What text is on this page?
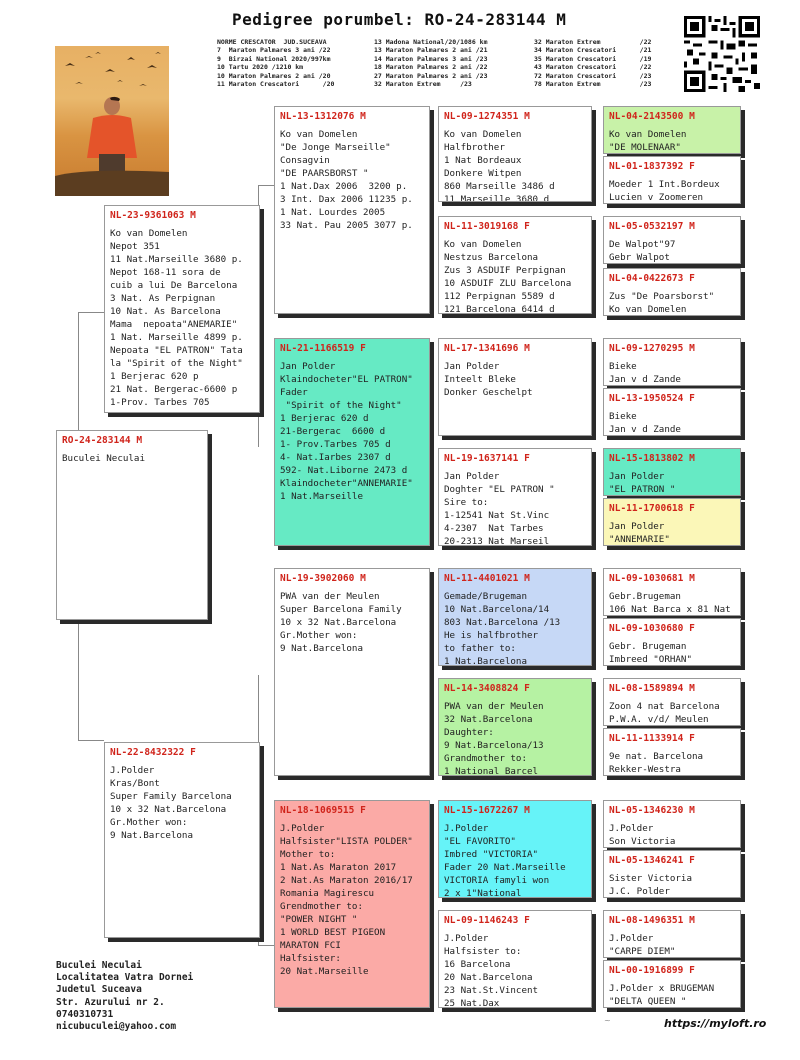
Pedigree porumbel: RO-24-283144 M
NORME CRESCATOR  JUD.SUCEAVA
7  Maraton Palmares 3 ani /22
9  Birzai National 2020/997km
10 Tartu 2020 /1210 km
10 Maraton Palmares 2 ani /20
11 Maraton Crescatori      /20
13 Madona National/20/1086 km
13 Maraton Palmares 2 ani /21
14 Maraton Palmares 3 ani /23
18 Maraton Palmares 2 ani /22
27 Maraton Palmares 2 ani /23
32 Maraton Extrem     /23
32 Maraton Extrem          /22
34 Maraton Crescatori      /21
35 Maraton Crescatori      /19
43 Maraton Crescatori      /22
72 Maraton Crescatori      /23
78 Maraton Extrem          /23
RO-24-283144 M
Buculei Neculai
NL-23-9361063 M
Ko van Domelen
Nepot 351
11 Nat.Marseille 3680 p.
Nepot 168-11 sora de
cuib a lui De Barcelona
3 Nat. As Perpignan
10 Nat. As Barcelona
Mama  nepoata"ANEMARIE"
1 Nat. Marseille 4899 p.
Nepoata "EL PATRON" Tata
la "Spirit of the Night"
1 Berjerac 620 p
21 Nat. Bergerac-6600 p
1-Prov. Tarbes 705
NL-22-8432322 F
J.Polder
Kras/Bont
Super Family Barcelona
10 x 32 Nat.Barcelona
Gr.Mother won:
9 Nat.Barcelona
NL-13-1312076 M
Ko van Domelen
"De Jonge Marseille"
Consagvin
"DE PAARSBORST "
1 Nat.Dax 2006  3200 p.
3 Int. Dax 2006 11235 p.
1 Nat. Lourdes 2005
33 Nat. Pau 2005 3077 p.
NL-21-1166519 F
Jan Polder
Klaindocheter"EL PATRON"
Fader
"Spirit of the Night"
1 Berjerac 620 d
21-Bergerac  6600 d
1- Prov.Tarbes 705 d
4- Nat.Iarbes 2307 d
592- Nat.Liborne 2473 d
Klaindocheter"ANNEMARIE"
1 Nat.Marseille
NL-19-3902060 M
PWA van der Meulen
Super Barcelona Family
10 x 32 Nat.Barcelona
Gr.Mother won:
9 Nat.Barcelona
NL-18-1069515 F
J.Polder
Halfsister"LISTA POLDER"
Mother to:
1 Nat.As Maraton 2017
2 Nat.As Maraton 2016/17
Romania Magirescu
Grendmother to:
"POWER NIGHT "
1 WORLD BEST PIGEON
MARATON FCI
Halfsister:
20 Nat.Marseille
NL-09-1274351 M
Ko van Domelen
Halfbrother
1 Nat Bordeaux
Donkere Witpen
860 Marseille 3486 d
11 Marseille 3680 d
NL-11-3019168 F
Ko van Domelen
Nestzus Barcelona
Zus 3 ASDUIF Perpignan
10 ASDUIF ZLU Barcelona
112 Perpignan 5589 d
121 Barcelona 6414 d
NL-17-1341696 M
Jan Polder
Inteelt Bleke
Donker Geschelpt
NL-19-1637141 F
Jan Polder
Doghter "EL PATRON "
Sire to:
1-12541 Nat St.Vinc
4-2307  Nat Tarbes
20-2313 Nat Marseil
NL-11-4401021 M
Gemade/Brugeman
10 Nat.Barcelona/14
803 Nat.Barcelona /13
He is halfbrother
to father to:
1 Nat.Barcelona
NL-14-3408824 F
PWA van der Meulen
32 Nat.Barcelona
Daughter:
9 Nat.Barcelona/13
Grandmother to:
1 National Barcel
NL-15-1672267 M
J.Polder
"EL FAVORITO"
Imbred "VICTORIA"
Fader 20 Nat.Marseille
VICTORIA famyli won
2 x 1"National
NL-09-1146243 F
J.Polder
Halfsister to:
16 Barcelona
20 Nat.Barcelona
23 Nat.St.Vincent
25 Nat.Dax
NL-04-2143500 M
Ko van Domelen
"DE MOLENAAR"
NL-01-1837392 F
Moeder 1 Int.Bordeux
Lucien v Zoomeren
NL-05-0532197 M
De Walpot"97
Gebr Walpot
NL-04-0422673 F
Zus "De Poarsborst"
Ko van Domelen
NL-09-1270295 M
Bieke
Jan v d Zande
NL-13-1950524 F
Bieke
Jan v d Zande
NL-15-1813802 M
Jan Polder
"EL PATRON "
NL-11-1700618 F
Jan Polder
"ANNEMARIE"
NL-09-1030681 M
Gebr.Brugeman
106 Nat Barca x 81 Nat
NL-09-1030680 F
Gebr. Brugeman
Imbreed "ORHAN"
NL-08-1589894 M
Zoon 4 nat Barcelona
P.W.A. v/d/ Meulen
NL-11-1133914 F
9e nat. Barcelona
Rekker-Westra
NL-05-1346230 M
J.Polder
Son Victoria
NL-05-1346241 F
Sister Victoria
J.C. Polder
NL-08-1496351 M
J.Polder
"CARPE DIEM"
NL-00-1916899 F
J.Polder x BRUGEMAN
"DELTA QUEEN "
Buculei Neculai
Localitatea Vatra Dornei
Judetul Suceava
Str. Azurului nr 2.
0740310731
nicubuculei@yahoo.com
~	https://myloft.ro
